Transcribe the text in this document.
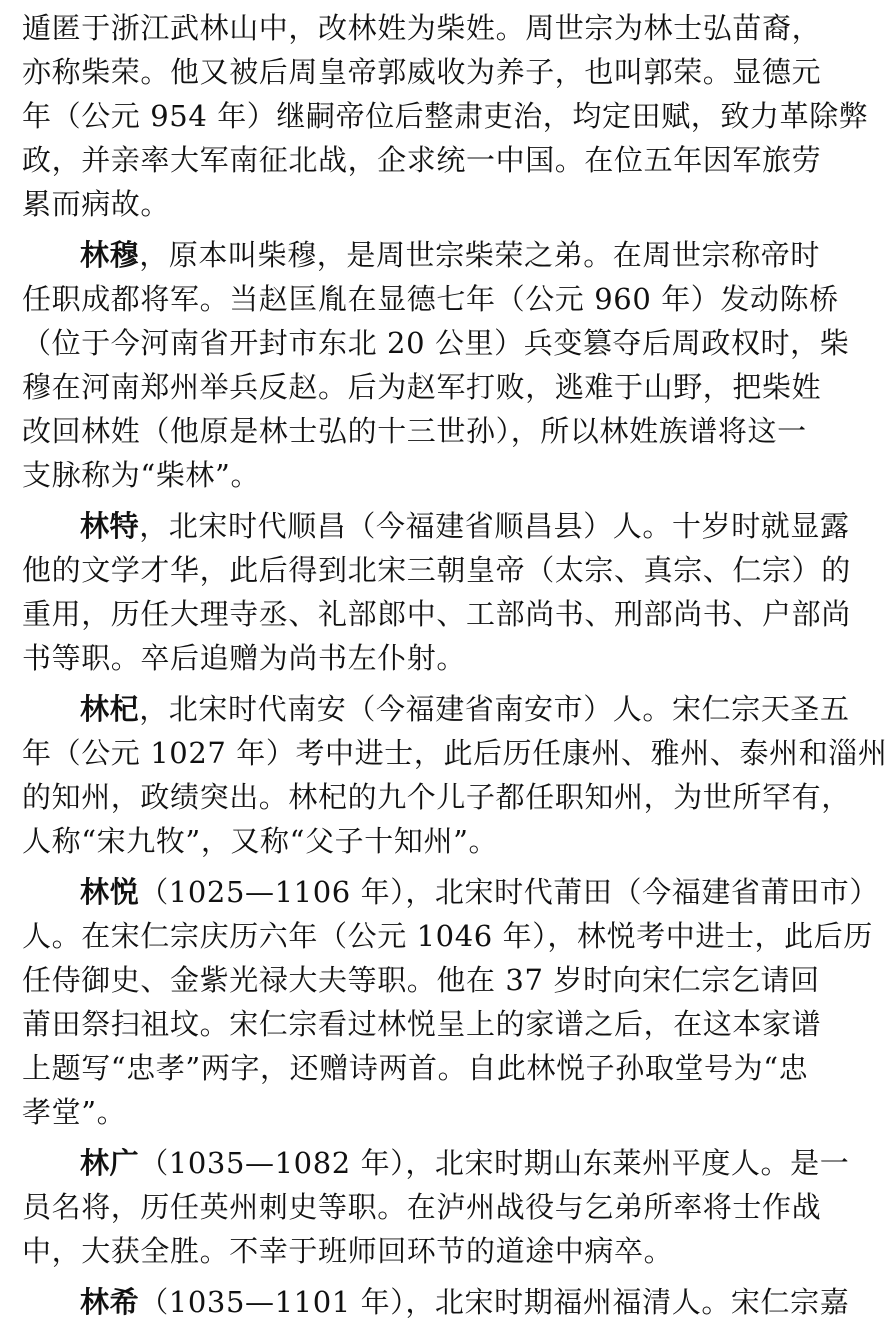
遁匿于浙江武林山中，改林姓为柴姓。周世宗为林士弘苗裔，
亦称柴荣。他又被后周皇帝郭威收为养子，也叫郭荣。显德元
年（公元 954 年）继嗣帝位后整肃吏治，均定田赋，致力革除弊
政，并亲率大军南征北战，企求统一中国。在位五年因军旅劳
累而病故。
林穆，原本叫柴穆，是周世宗柴荣之弟。在周世宗称帝时
任职成都将军。当赵匡胤在显德七年（公元 960 年）发动陈桥
（位于今河南省开封市东北 20 公里）兵变篡夺后周政权时，柴
穆在河南郑州举兵反赵。后为赵军打败，逃难于山野，把柴姓
改回林姓（他原是林士弘的十三世孙），所以林姓族谱将这一
支脉称为“柴林”。
林特，北宋时代顺昌（今福建省顺昌县）人。十岁时就显露
他的文学才华，此后得到北宋三朝皇帝（太宗、真宗、仁宗）的
重用，历任大理寺丞、礼部郎中、工部尚书、刑部尚书、户部尚
书等职。卒后追赠为尚书左仆射。
林杞，北宋时代南安（今福建省南安市）人。宋仁宗天圣五
年（公元 1027 年）考中进士，此后历任康州、雅州、泰州和淄州
的知州，政绩突出。林杞的九个儿子都任职知州，为世所罕有，
人称“宋九牧”，又称“父子十知州”。
林悦（1025—1106 年），北宋时代莆田（今福建省莆田市）
人。在宋仁宗庆历六年（公元 1046 年），林悦考中进士，此后历
任侍御史、金紫光禄大夫等职。他在 37 岁时向宋仁宗乞请回
莆田祭扫祖坟。宋仁宗看过林悦呈上的家谱之后，在这本家谱
上题写“忠孝”两字，还赠诗两首。自此林悦子孙取堂号为“忠
孝堂”。
林广（1035—1082 年），北宋时期山东莱州平度人。是一
员名将，历任英州刺史等职。在泸州战役与乞弟所率将士作战
中，大获全胜。不幸于班师回环节的道途中病卒。
林希（1035—1101 年），北宋时期福州福清人。宋仁宗嘉
